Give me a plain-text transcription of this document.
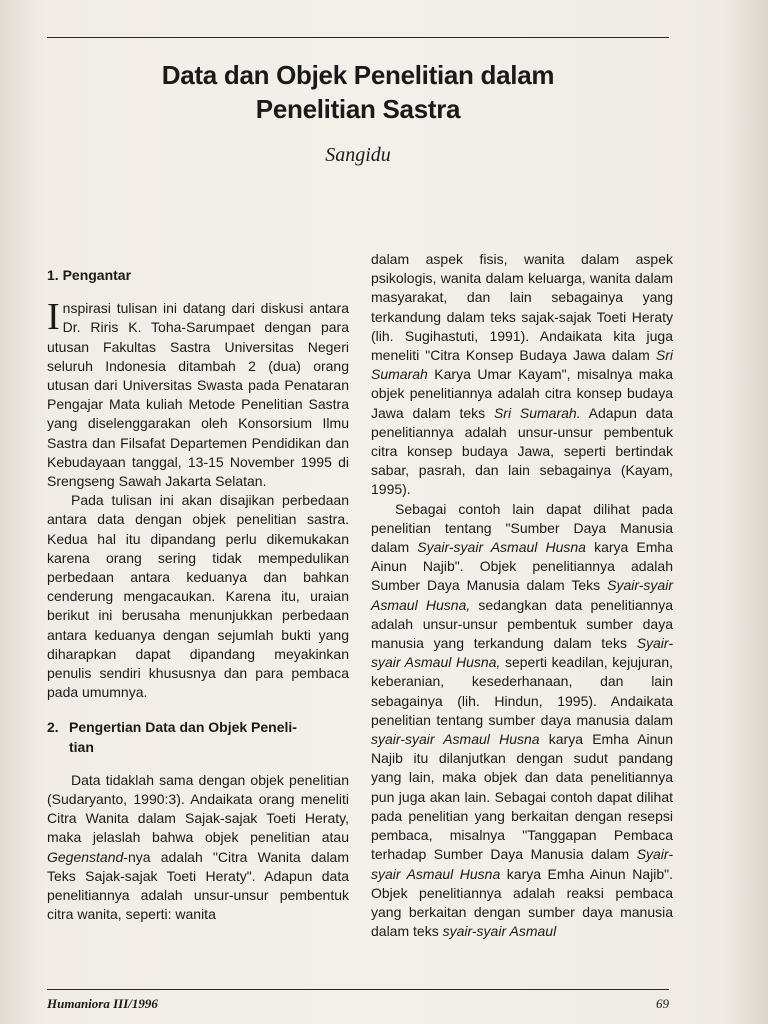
Data dan Objek Penelitian dalam
Penelitian Sastra
Sangidu
1. Pengantar

Inspirasi tulisan ini datang dari diskusi antara Dr. Riris K. Toha-Sarumpaet dengan para utusan Fakultas Sastra Universitas Negeri seluruh Indonesia ditambah 2 (dua) orang utusan dari Universitas Swasta pada Penataran Pengajar Mata kuliah Metode Penelitian Sastra yang diselenggarakan oleh Konsorsium Ilmu Sastra dan Filsafat Departemen Pendidikan dan Kebudayaan tanggal, 13-15 November 1995 di Srengseng Sawah Jakarta Selatan.

Pada tulisan ini akan disajikan perbedaan antara data dengan objek penelitian sastra. Kedua hal itu dipandang perlu dikemukakan karena orang sering tidak mempedulikan perbedaan antara keduanya dan bahkan cenderung mengacaukan. Karena itu, uraian berikut ini berusaha menunjukkan perbedaan antara keduanya dengan sejumlah bukti yang diharapkan dapat dipandang meyakinkan penulis sendiri khususnya dan para pembaca pada umumnya.

2. Pengertian Data dan Objek Peneli-
tian

Data tidaklah sama dengan objek penelitian (Sudaryanto, 1990:3). Andaikata orang meneliti Citra Wanita dalam Sajak-sajak Toeti Heraty, maka jelaslah bahwa objek penelitian atau Gegenstand-nya adalah "Citra Wanita dalam Teks Sajak-sajak Toeti Heraty". Adapun data penelitiannya adalah unsur-unsur pembentuk citra wanita, seperti: wanita

dalam aspek fisis, wanita dalam aspek psikologis, wanita dalam keluarga, wanita dalam masyarakat, dan lain sebagainya yang terkandung dalam teks sajak-sajak Toeti Heraty (lih. Sugihastuti, 1991). Andaikata kita juga meneliti "Citra Konsep Budaya Jawa dalam Sri Sumarah Karya Umar Kayam", misalnya maka objek penelitiannya adalah citra konsep budaya Jawa dalam teks Sri Sumarah. Adapun data penelitiannya adalah unsur-unsur pembentuk citra konsep budaya Jawa, seperti bertindak sabar, pasrah, dan lain sebagainya (Kayam, 1995).

Sebagai contoh lain dapat dilihat pada penelitian tentang "Sumber Daya Manusia dalam Syair-syair Asmaul Husna karya Emha Ainun Najib". Objek penelitiannya adalah Sumber Daya Manusia dalam Teks Syair-syair Asmaul Husna, sedangkan data penelitiannya adalah unsur-unsur pembentuk sumber daya manusia yang terkandung dalam teks Syair-syair Asmaul Husna, seperti keadilan, kejujuran, keberanian, kesederhanaan, dan lain sebagainya (lih. Hindun, 1995). Andaikata penelitian tentang sumber daya manusia dalam syair-syair Asmaul Husna karya Emha Ainun Najib itu dilanjutkan dengan sudut pandang yang lain, maka objek dan data penelitiannya pun juga akan lain. Sebagai contoh dapat dilihat pada penelitian yang berkaitan dengan resepsi pembaca, misalnya "Tanggapan Pembaca terhadap Sumber Daya Manusia dalam Syair-syair Asmaul Husna karya Emha Ainun Najib". Objek penelitiannya adalah reaksi pembaca yang berkaitan dengan sumber daya manusia dalam teks syair-syair Asmaul

Humaniora III/1996	69
